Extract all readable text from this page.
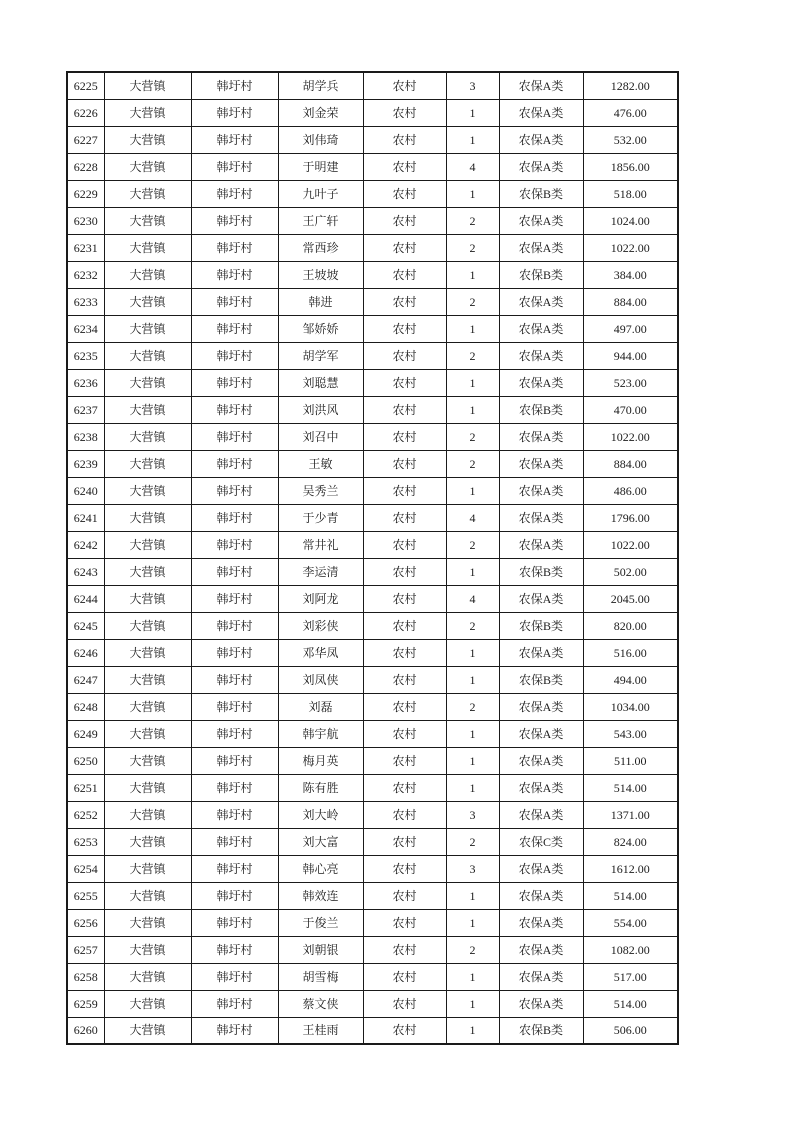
6225	大营镇	韩圩村	胡学兵	农村	3	农保A类	1282.00
6226	大营镇	韩圩村	刘金荣	农村	1	农保A类	476.00
6227	大营镇	韩圩村	刘伟琦	农村	1	农保A类	532.00
6228	大营镇	韩圩村	于明建	农村	4	农保A类	1856.00
6229	大营镇	韩圩村	九叶子	农村	1	农保B类	518.00
6230	大营镇	韩圩村	王广轩	农村	2	农保A类	1024.00
6231	大营镇	韩圩村	常西珍	农村	2	农保A类	1022.00
6232	大营镇	韩圩村	王坡坡	农村	1	农保B类	384.00
6233	大营镇	韩圩村	韩进	农村	2	农保A类	884.00
6234	大营镇	韩圩村	邹娇娇	农村	1	农保A类	497.00
6235	大营镇	韩圩村	胡学军	农村	2	农保A类	944.00
6236	大营镇	韩圩村	刘聪慧	农村	1	农保A类	523.00
6237	大营镇	韩圩村	刘洪风	农村	1	农保B类	470.00
6238	大营镇	韩圩村	刘召中	农村	2	农保A类	1022.00
6239	大营镇	韩圩村	王敏	农村	2	农保A类	884.00
6240	大营镇	韩圩村	吴秀兰	农村	1	农保A类	486.00
6241	大营镇	韩圩村	于少青	农村	4	农保A类	1796.00
6242	大营镇	韩圩村	常井礼	农村	2	农保A类	1022.00
6243	大营镇	韩圩村	李运清	农村	1	农保B类	502.00
6244	大营镇	韩圩村	刘阿龙	农村	4	农保A类	2045.00
6245	大营镇	韩圩村	刘彩侠	农村	2	农保B类	820.00
6246	大营镇	韩圩村	邓华凤	农村	1	农保A类	516.00
6247	大营镇	韩圩村	刘凤侠	农村	1	农保B类	494.00
6248	大营镇	韩圩村	刘磊	农村	2	农保A类	1034.00
6249	大营镇	韩圩村	韩宇航	农村	1	农保A类	543.00
6250	大营镇	韩圩村	梅月英	农村	1	农保A类	511.00
6251	大营镇	韩圩村	陈有胜	农村	1	农保A类	514.00
6252	大营镇	韩圩村	刘大岭	农村	3	农保A类	1371.00
6253	大营镇	韩圩村	刘大富	农村	2	农保C类	824.00
6254	大营镇	韩圩村	韩心亮	农村	3	农保A类	1612.00
6255	大营镇	韩圩村	韩效连	农村	1	农保A类	514.00
6256	大营镇	韩圩村	于俊兰	农村	1	农保A类	554.00
6257	大营镇	韩圩村	刘朝银	农村	2	农保A类	1082.00
6258	大营镇	韩圩村	胡雪梅	农村	1	农保A类	517.00
6259	大营镇	韩圩村	蔡文侠	农村	1	农保A类	514.00
6260	大营镇	韩圩村	王桂雨	农村	1	农保B类	506.00
